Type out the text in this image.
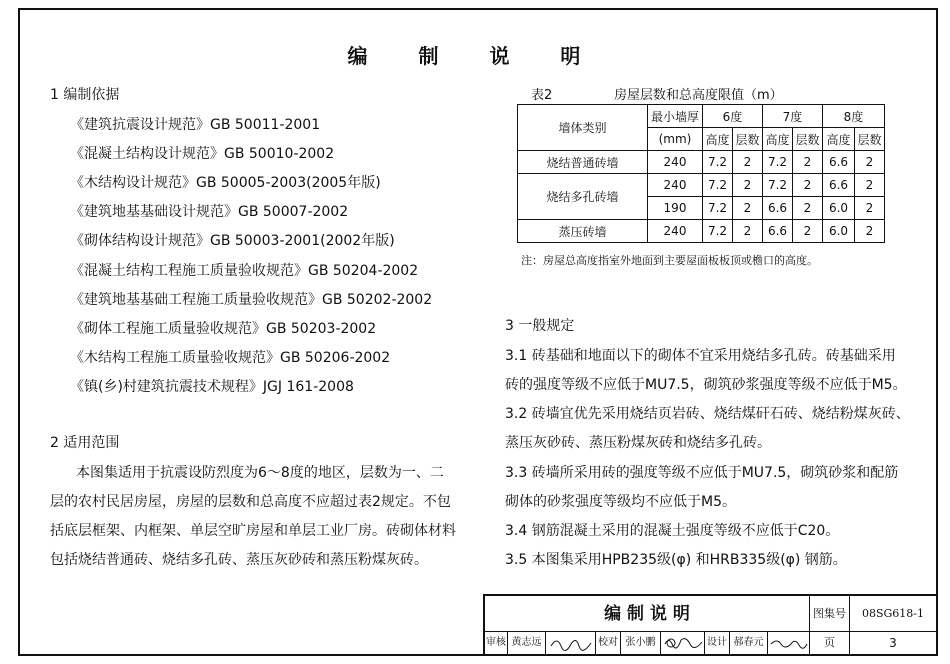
编 制 说 明
1 编制依据
《建筑抗震设计规范》GB 50011-2001
《混凝土结构设计规范》GB 50010-2002
《木结构设计规范》GB 50005-2003(2005年版)
《建筑地基基础设计规范》GB 50007-2002
《砌体结构设计规范》GB 50003-2001(2002年版)
《混凝土结构工程施工质量验收规范》GB 50204-2002
《建筑地基基础工程施工质量验收规范》GB 50202-2002
《砌体工程施工质量验收规范》GB 50203-2002
《木结构工程施工质量验收规范》GB 50206-2002
《镇(乡)村建筑抗震技术规程》JGJ 161-2008
2 适用范围
本图集适用于抗震设防烈度为6～8度的地区，层数为一、二
层的农村民居房屋，房屋的层数和总高度不应超过表2规定。不包
括底层框架、内框架、单层空旷房屋和单层工业厂房。砖砌体材料
包括烧结普通砖、烧结多孔砖、蒸压灰砂砖和蒸压粉煤灰砖。
表2	房屋层数和总高度限值（m）
墙体类别	最小墙厚	6度		7度		8度	
	(mm)	高度	层数	高度	层数	高度	层数
烧结普通砖墙	240	7.2	2	7.2	2	6.6	2
烧结多孔砖墙	240	7.2	2	7.2	2	6.6	2
	190	7.2	2	6.6	2	6.0	2
蒸压砖墙	240	7.2	2	6.6	2	6.0	2
注：房屋总高度指室外地面到主要屋面板板顶或檐口的高度。
3 一般规定
3.1 砖基础和地面以下的砌体不宜采用烧结多孔砖。砖基础采用
砖的强度等级不应低于MU7.5，砌筑砂浆强度等级不应低于M5。
3.2 砖墙宜优先采用烧结页岩砖、烧结煤矸石砖、烧结粉煤灰砖、
蒸压灰砂砖、蒸压粉煤灰砖和烧结多孔砖。
3.3 砖墙所采用砖的强度等级不应低于MU7.5，砌筑砂浆和配筋
砌体的砂浆强度等级均不应低于M5。
3.4 钢筋混凝土采用的混凝土强度等级不应低于C20。
3.5 本图集采用HPB235级(φ) 和HRB335级(φ) 钢筋。
编 制 说 明	图集号	08SG618-1
审核 黄志远	校对 张小鹏	设计 郝春元	页	3
